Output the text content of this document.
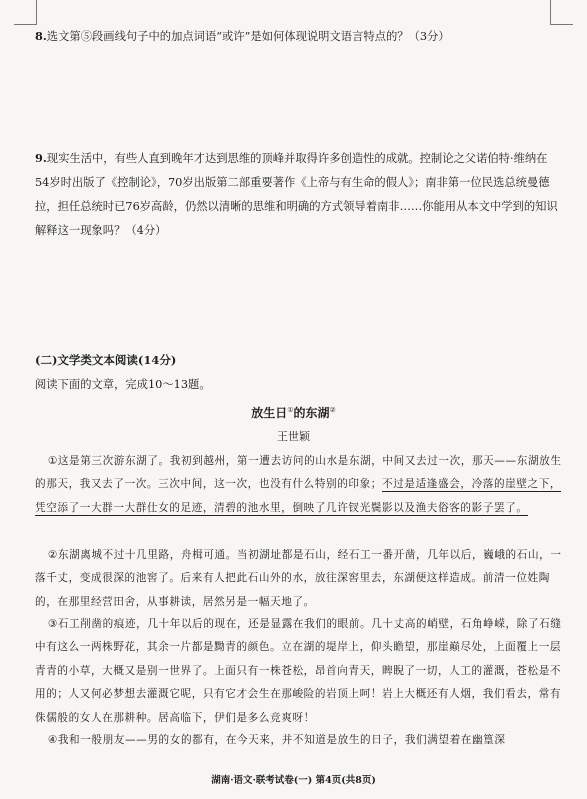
8.选文第⑤段画线句子中的加点词语“或许”是如何体现说明文语言特点的？（3分）
9.现实生活中，有些人直到晚年才达到思维的顶峰并取得许多创造性的成就。控制论之父诺伯特·维纳在54岁时出版了《控制论》，70岁出版第二部重要著作《上帝与有生命的假人》；南非第一位民选总统曼德拉，担任总统时已76岁高龄，仍然以清晰的思维和明确的方式领导着南非……你能用从本文中学到的知识解释这一现象吗？（4分）
(二)文学类文本阅读(14分)
阅读下面的文章，完成10～13题。
放生日①的东湖②
王世颖
①这是第三次游东湖了。我初到越州，第一遭去访问的山水是东湖，中间又去过一次，那天——东湖放生的那天，我又去了一次。三次中间，这一次，也没有什么特别的印象；不过是适逢盛会，冷落的崖壁之下，凭空添了一大群一大群仕女的足迹，清碧的池水里，倒映了几许钗光鬓影以及渔夫俗客的影子罢了。
②东湖离城不过十几里路，舟楫可通。当初湖址都是石山，经石工一番开凿，几年以后，巍峨的石山，一落千丈，变成很深的池窖了。后来有人把此石山外的水，放往深窖里去，东湖便这样造成。前清一位姓陶的，在那里经营田舍，从事耕读，居然另是一幅天地了。
③石工削凿的痕迹，几十年以后的现在，还是显露在我们的眼前。几十丈高的峭壁，石角峥嵘，除了石缝中有这么一两株野花，其余一片都是黝青的颜色。立在湖的堤岸上，仰头瞻望，那崖巅尽处，上面覆上一层青青的小草，大概又是别一世界了。上面只有一株苍松，昂首向青天，睥睨了一切，人工的灌溉，苍松是不用的；人又何必梦想去灌溉它呢，只有它才会生在那峻险的岩顶上呵！岩上大概还有人烟，我们看去，常有侏儒般的女人在那耕种。居高临下，伊们是多么竞爽呀！
④我和一般朋友——男的女的都有，在今天来，并不知道是放生的日子，我们满望着在幽篁深
湖南·语文·联考试卷(一) 第4页(共8页)
